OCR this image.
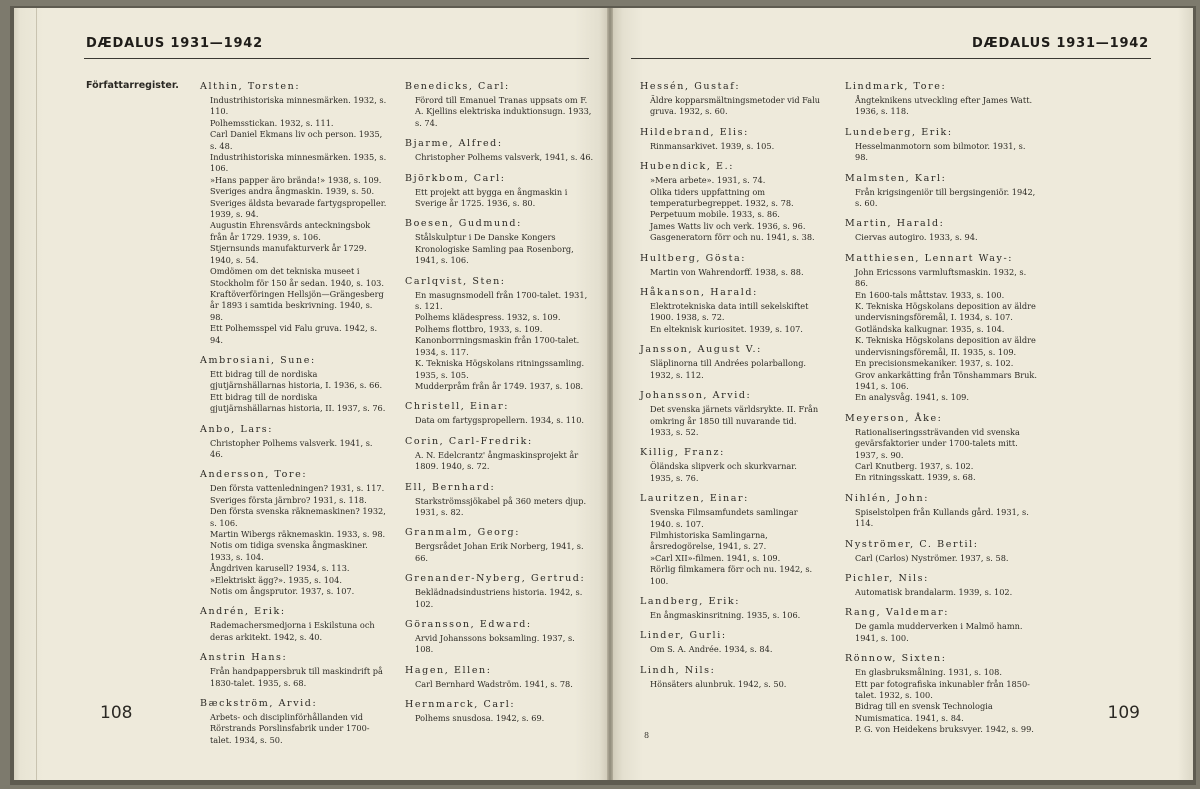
DÆDALUS 1931—1942
Författarregister. Althin, Torsten:
Industrihistoriska minnesmärken. 1932, s. 110.
Polhemsstickan. 1932, s. 111.
Carl Daniel Ekmans liv och person. 1935, s. 48.
Industrihistoriska minnesmärken. 1935, s. 106.
»Hans papper äro brända!» 1938, s. 109.
Sveriges andra ångmaskin. 1939, s. 50.
Sveriges äldsta bevarade fartygspropeller. 1939, s. 94.
Augustin Ehrensvärds anteckningsbok från år 1729. 1939, s. 106.
Stjernsunds manufakturverk år 1729. 1940, s. 54.
Omdömen om det tekniska museet i Stockholm för 150 år sedan. 1940, s. 103.
Kraftöverföringen Hellsjön—Grängesberg år 1893 i samtida beskrivning. 1940, s. 98.
Ett Polhemsspel vid Falu gruva. 1942, s. 94.
Ambrosiani, Sune:
Ett bidrag till de nordiska gjutjärnshällarnas historia, I. 1936, s. 66.
Ett bidrag till de nordiska gjutjärnshällarnas historia, II. 1937, s. 76.
Anbo, Lars:
Christopher Polhems valsverk. 1941, s. 46.
Andersson, Tore:
Den första vattenledningen? 1931, s. 117.
Sveriges första järnbro? 1931, s. 118.
Den första svenska räknemaskinen? 1932, s. 106.
Martin Wibergs räknemaskin. 1933, s. 98.
Notis om tidiga svenska ångmaskiner. 1933, s. 104.
Ångdriven karusell? 1934, s. 113.
»Elektriskt ägg?». 1935, s. 104.
Notis om ångsprutor. 1937, s. 107.
Andrén, Erik:
Rademachersmedjorna i Eskilstuna och deras arkitekt. 1942, s. 40.
Anstrin Hans:
Från handpappersbruk till maskindrift på 1830-talet. 1935, s. 68.
Bæckström, Arvid:
Arbets- och disciplinförhållanden vid Rörstrands Porslinsfabrik under 1700-talet. 1934, s. 50.
Benedicks, Carl:
Förord till Emanuel Tranas uppsats om F. A. Kjellins elektriska induktionsugn. 1933, s. 74.
Bjarme, Alfred:
Christopher Polhems valsverk, 1941, s. 46.
Björkbom, Carl:
Ett projekt att bygga en ångmaskin i Sverige år 1725. 1936, s. 80.
Boesen, Gudmund:
Stålskulptur i De Danske Kongers Kronologiske Samling paa Rosenborg, 1941, s. 106.
Carlqvist, Sten:
En masugnsmodell från 1700-talet. 1931, s. 121.
Polhems klädespress. 1932, s. 109.
Polhems flottbro, 1933, s. 109.
Kanonborrningsmaskin från 1700-talet. 1934, s. 117.
K. Tekniska Högskolans ritningssamling. 1935, s. 105.
Mudderpråm från år 1749. 1937, s. 108.
Christell, Einar:
Data om fartygspropellern. 1934, s. 110.
Corin, Carl-Fredrik:
A. N. Edelcrantz' ångmaskinsprojekt år 1809. 1940, s. 72.
Ell, Bernhard:
Starkströmssjökabel på 360 meters djup. 1931, s. 82.
Granmalm, Georg:
Bergsrådet Johan Erik Norberg, 1941, s. 66.
Grenander-Nyberg, Gertrud:
Beklädnadsindustriens historia. 1942, s. 102.
Göransson, Edward:
Arvid Johanssons boksamling. 1937, s. 108.
Hagen, Ellen:
Carl Bernhard Wadström. 1941, s. 78.
Hernmarck, Carl:
Polhems snusdosa. 1942, s. 69.
108
DÆDALUS 1931—1942
Hessén, Gustaf:
Äldre kopparsmältningsmetoder vid Falu gruva. 1932, s. 60.
Hildebrand, Elis:
Rinmansarkivet. 1939, s. 105.
Hubendick, E.:
»Mera arbete». 1931, s. 74.
Olika tiders uppfattning om temperaturbegreppet. 1932, s. 78.
Perpetuum mobile. 1933, s. 86.
James Watts liv och verk. 1936, s. 96.
Gasgeneratorn förr och nu. 1941, s. 38.
Hultberg, Gösta:
Martin von Wahrendorff. 1938, s. 88.
Håkanson, Harald:
Elektrotekniska data intill sekelskiftet 1900. 1938, s. 72.
En elteknisk kuriositet. 1939, s. 107.
Jansson, August V.:
Släplinorna till Andrées polarballong. 1932, s. 112.
Johansson, Arvid:
Det svenska järnets världsrykte. II. Från omkring år 1850 till nuvarande tid. 1933, s. 52.
Killig, Franz:
Öländska slipverk och skurkvarnar. 1935, s. 76.
Lauritzen, Einar:
Svenska Filmsamfundets samlingar 1940. s. 107.
Filmhistoriska Samlingarna, årsredogörelse, 1941, s. 27.
»Carl XII»-filmen. 1941, s. 109.
Rörlig filmkamera förr och nu. 1942, s. 100.
Landberg, Erik:
En ångmaskinsritning. 1935, s. 106.
Linder, Gurli:
Om S. A. Andrée. 1934, s. 84.
Lindh, Nils:
Hönsäters alunbruk. 1942, s. 50.
Lindmark, Tore:
Ångteknikens utveckling efter James Watt. 1936, s. 118.
Lundeberg, Erik:
Hesselmanmotorn som bilmotor. 1931, s. 98.
Malmsten, Karl:
Från krigsingeniör till bergsingeniör. 1942, s. 60.
Martin, Harald:
Ciervas autogiro. 1933, s. 94.
Matthiesen, Lennart Way-:
John Ericssons varmluftsmaskin. 1932, s. 86.
En 1600-tals måttstav. 1933, s. 100.
K. Tekniska Högskolans deposition av äldre undervisningsföremål, I. 1934, s. 107.
Gotländska kalkugnar. 1935, s. 104.
K. Tekniska Högskolans deposition av äldre undervisningsföremål, II. 1935, s. 109.
En precisionsmekaniker. 1937, s. 102.
Grov ankarkätting från Tönshammars Bruk. 1941, s. 106.
En analysvåg. 1941, s. 109.
Meyerson, Åke:
Rationaliseringssträvanden vid svenska gevärsfaktorier under 1700-talets mitt. 1937, s. 90.
Carl Knutberg. 1937, s. 102.
En ritningsskatt. 1939, s. 68.
Nihlén, John:
Spiselstolpen från Kullands gård. 1931, s. 114.
Nyströmer, C. Bertil:
Carl (Carlos) Nyströmer. 1937, s. 58.
Pichler, Nils:
Automatisk brandalarm. 1939, s. 102.
Rang, Valdemar:
De gamla mudderverken i Malmö hamn. 1941, s. 100.
Rönnow, Sixten:
En glasbruksmålning. 1931, s. 108.
Ett par fotografiska inkunabler från 1850-talet. 1932, s. 100.
Bidrag till en svensk Technologia Numismatica. 1941, s. 84.
P. G. von Heidekens bruksvyer. 1942, s. 99.
8
109
